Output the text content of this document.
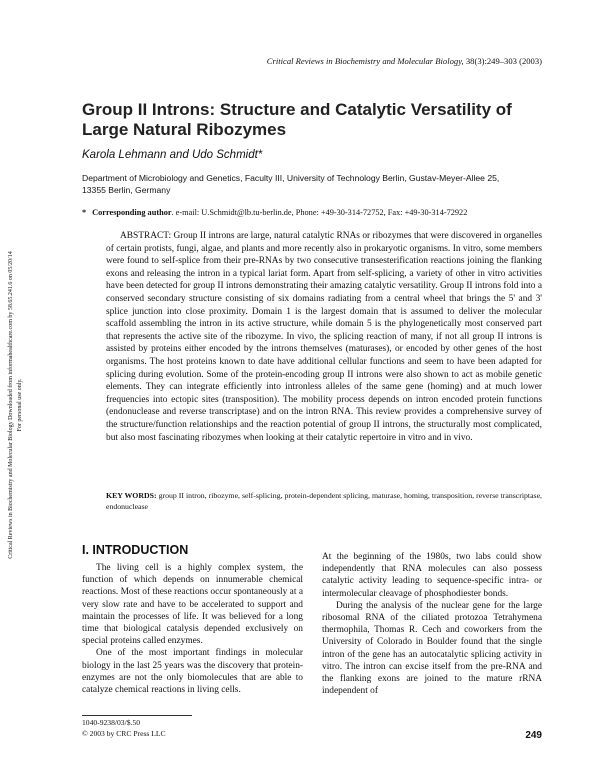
Critical Reviews in Biochemistry and Molecular Biology Downloaded from informahealthcare.com by 58.65.241.6 on 05/20/14 For personal use only.
Critical Reviews in Biochemistry and Molecular Biology, 38(3):249–303 (2003)
Group II Introns: Structure and Catalytic Versatility of Large Natural Ribozymes
Karola Lehmann and Udo Schmidt*
Department of Microbiology and Genetics, Faculty III, University of Technology Berlin, Gustav-Meyer-Allee 25, 13355 Berlin, Germany
* Corresponding author. e-mail: U.Schmidt@lb.tu-berlin.de, Phone: +49-30-314-72752, Fax: +49-30-314-72922

ABSTRACT: Group II introns are large, natural catalytic RNAs or ribozymes that were discovered in organelles of certain protists, fungi, algae, and plants and more recently also in prokaryotic organisms. In vitro, some members were found to self-splice from their pre-RNAs by two consecutive transesterification reactions joining the flanking exons and releasing the intron in a typical lariat form. Apart from self-splicing, a variety of other in vitro activities have been detected for group II introns demonstrating their amazing catalytic versatility. Group II introns fold into a conserved secondary structure consisting of six domains radiating from a central wheel that brings the 5' and 3' splice junction into close proximity. Domain 1 is the largest domain that is assumed to deliver the molecular scaffold assembling the intron in its active structure, while domain 5 is the phylogenetically most conserved part that represents the active site of the ribozyme. In vivo, the splicing reaction of many, if not all group II introns is assisted by proteins either encoded by the introns themselves (maturases), or encoded by other genes of the host organisms. The host proteins known to date have additional cellular functions and seem to have been adapted for splicing during evolution. Some of the protein-encoding group II introns were also shown to act as mobile genetic elements. They can integrate efficiently into intronless alleles of the same gene (homing) and at much lower frequencies into ectopic sites (transposition). The mobility process depends on intron encoded protein functions (endonuclease and reverse transcriptase) and on the intron RNA. This review provides a comprehensive survey of the structure/function relationships and the reaction potential of group II introns, the structurally most complicated, but also most fascinating ribozymes when looking at their catalytic repertoire in vitro and in vivo.

KEY WORDS: group II intron, ribozyme, self-splicing, protein-dependent splicing, maturase, homing, transposition, reverse transcriptase, endonuclease

I. INTRODUCTION

The living cell is a highly complex system, the function of which depends on innumerable chemical reactions. Most of these reactions occur spontaneously at a very slow rate and have to be accelerated to support and maintain the processes of life. It was believed for a long time that biological catalysis depended exclusively on special proteins called enzymes.

One of the most important findings in molecular biology in the last 25 years was the discovery that protein-enzymes are not the only biomolecules that are able to catalyze chemical reactions in living cells.

At the beginning of the 1980s, two labs could show independently that RNA molecules can also possess catalytic activity leading to sequence-specific intra- or intermolecular cleavage of phosphodiester bonds.

During the analysis of the nuclear gene for the large ribosomal RNA of the ciliated protozoa Tetrahymena thermophila, Thomas R. Cech and coworkers from the University of Colorado in Boulder found that the single intron of the gene has an autocatalytic splicing activity in vitro. The intron can excise itself from the pre-RNA and the flanking exons are joined to the mature rRNA independent of

1040-9238/03/$.50
© 2003 by CRC Press LLC	249
